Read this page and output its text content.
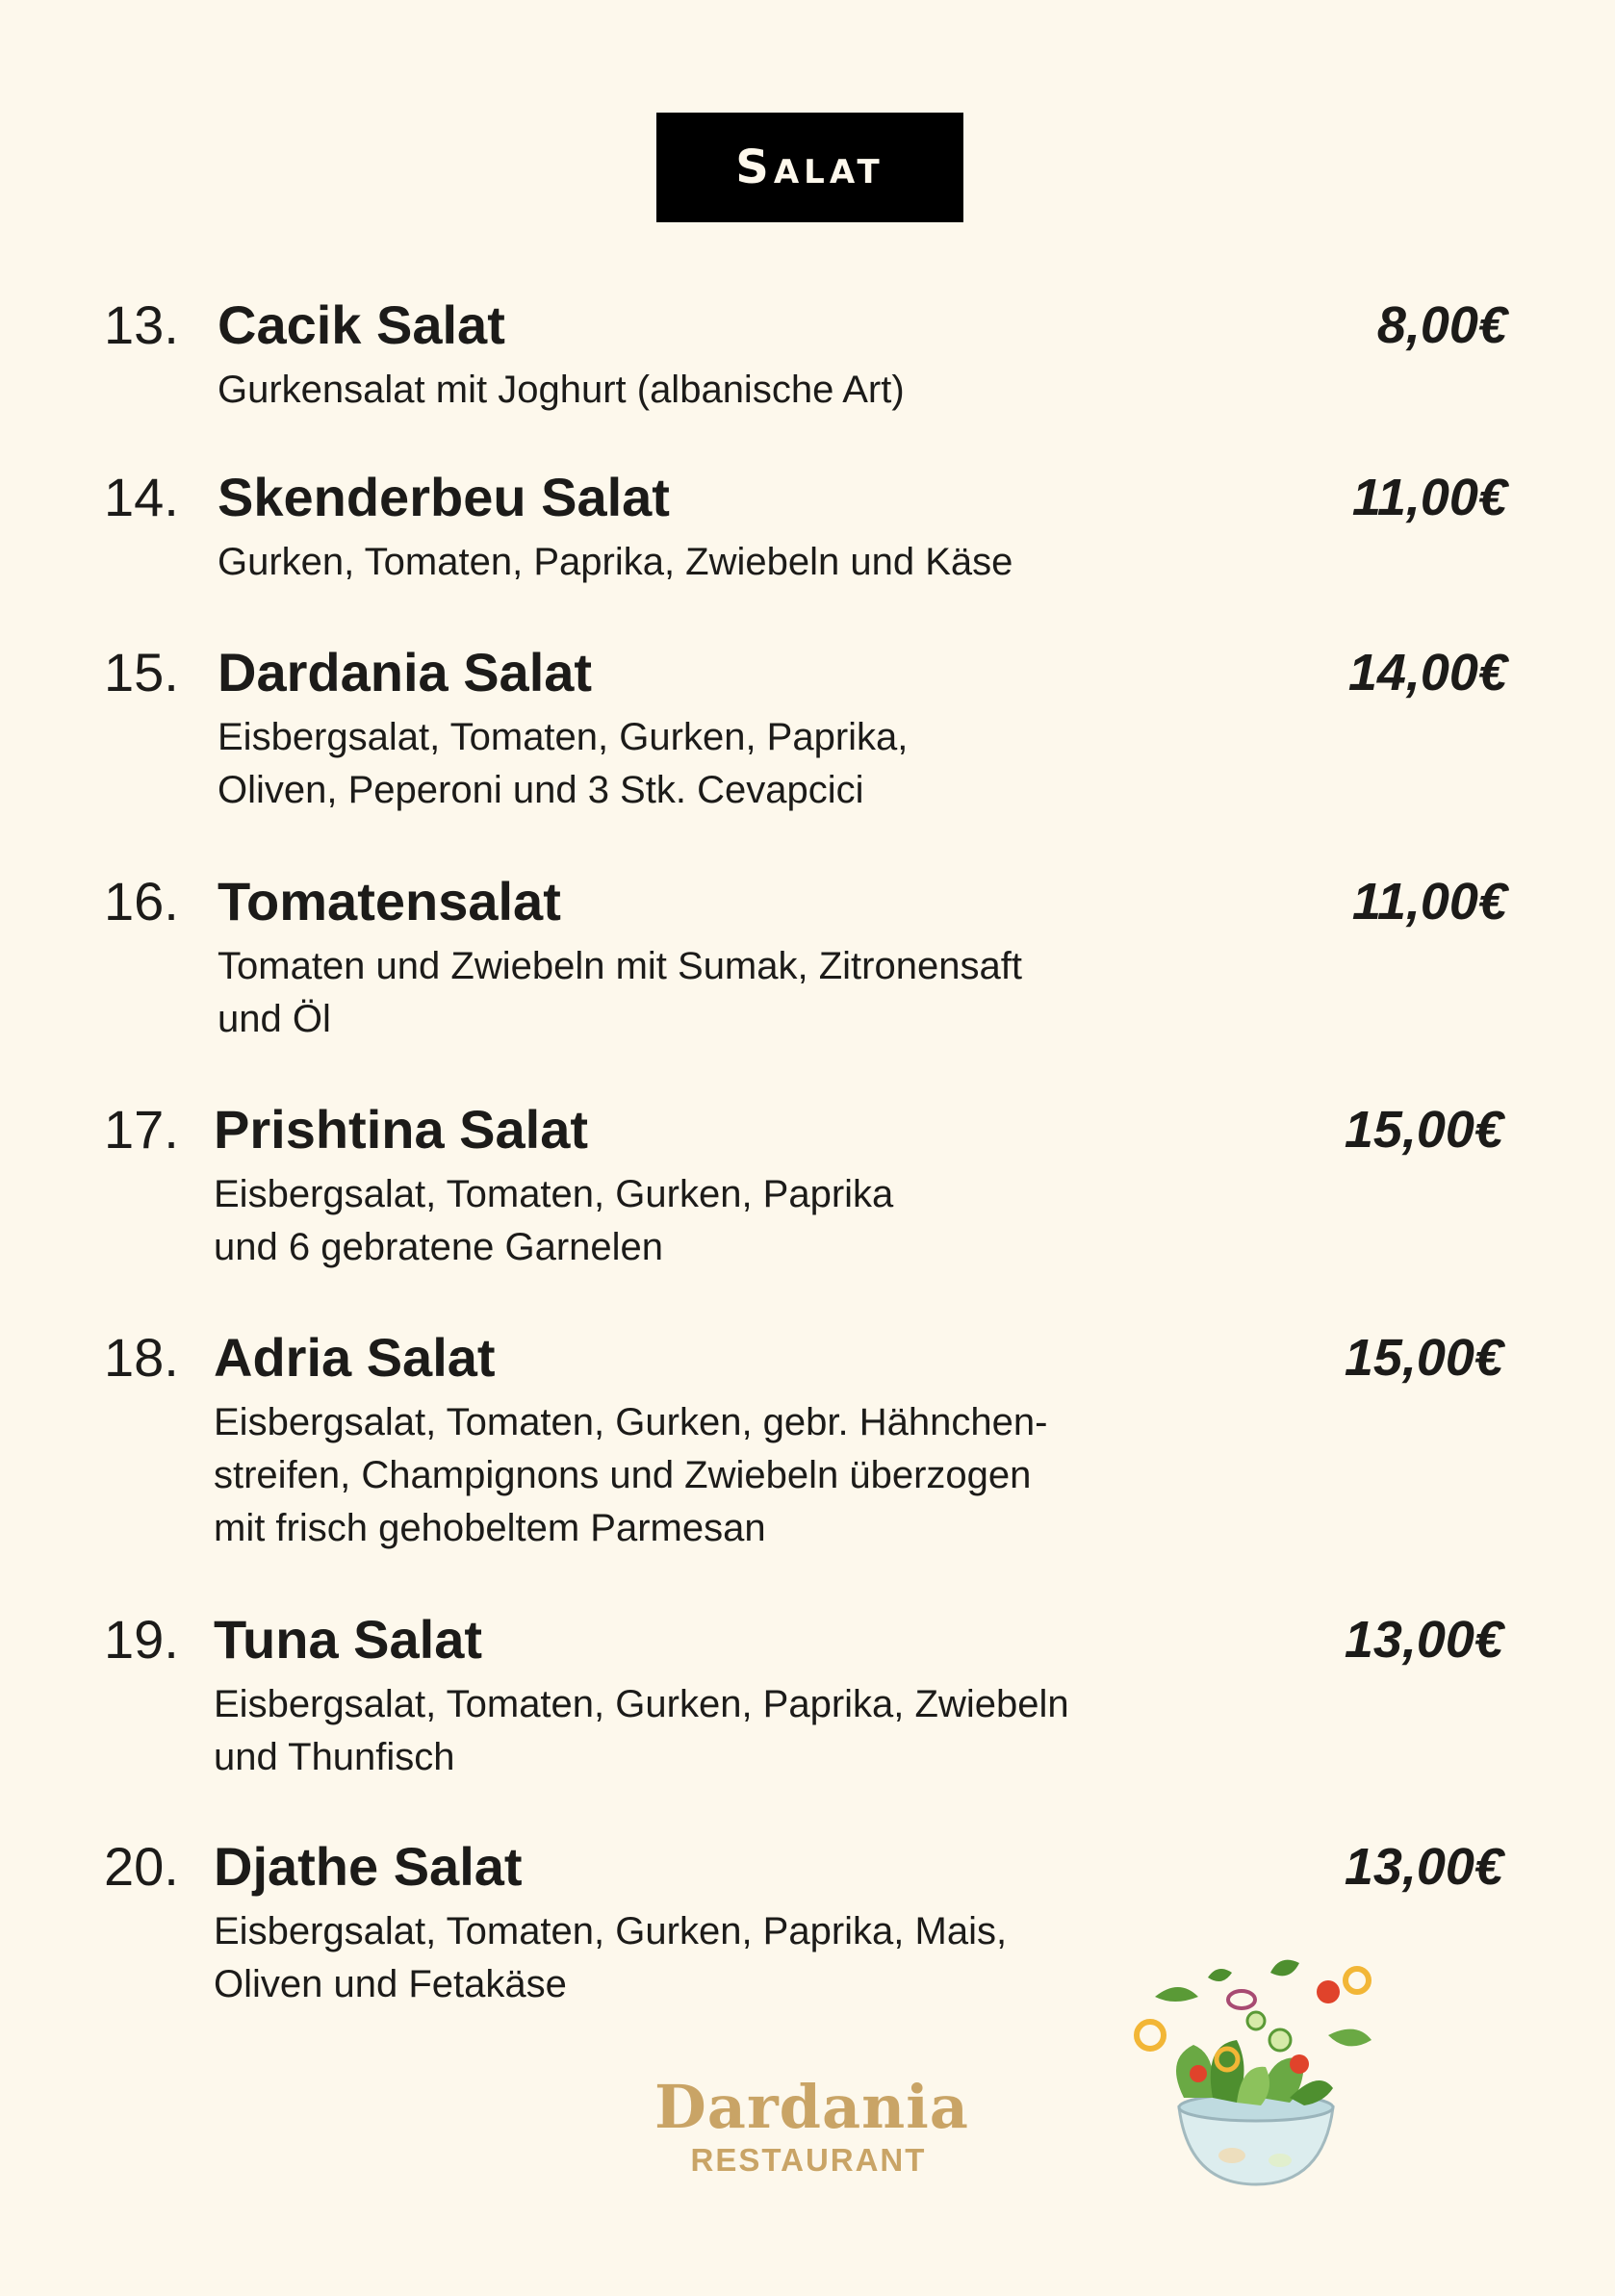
Salat
13. Cacik Salat	8,00€
Gurkensalat mit Joghurt (albanische Art)
14. Skenderbeu Salat	11,00€
Gurken, Tomaten, Paprika, Zwiebeln und Käse
15. Dardania Salat	14,00€
Eisbergsalat, Tomaten, Gurken, Paprika,
Oliven, Peperoni und 3 Stk. Cevapcici
16. Tomatensalat	11,00€
Tomaten und Zwiebeln mit Sumak, Zitronensaft
und Öl
17. Prishtina Salat	15,00€
Eisbergsalat, Tomaten, Gurken, Paprika
und 6 gebratene Garnelen
18. Adria Salat	15,00€
Eisbergsalat, Tomaten, Gurken, gebr. Hähnchen-
streifen, Champignons und Zwiebeln überzogen
mit frisch gehobeltem Parmesan
19. Tuna Salat	13,00€
Eisbergsalat, Tomaten, Gurken, Paprika, Zwiebeln
und Thunfisch
20. Djathe Salat	13,00€
Eisbergsalat, Tomaten, Gurken, Paprika, Mais,
Oliven und Fetakäse
Dardania
RESTAURANT
